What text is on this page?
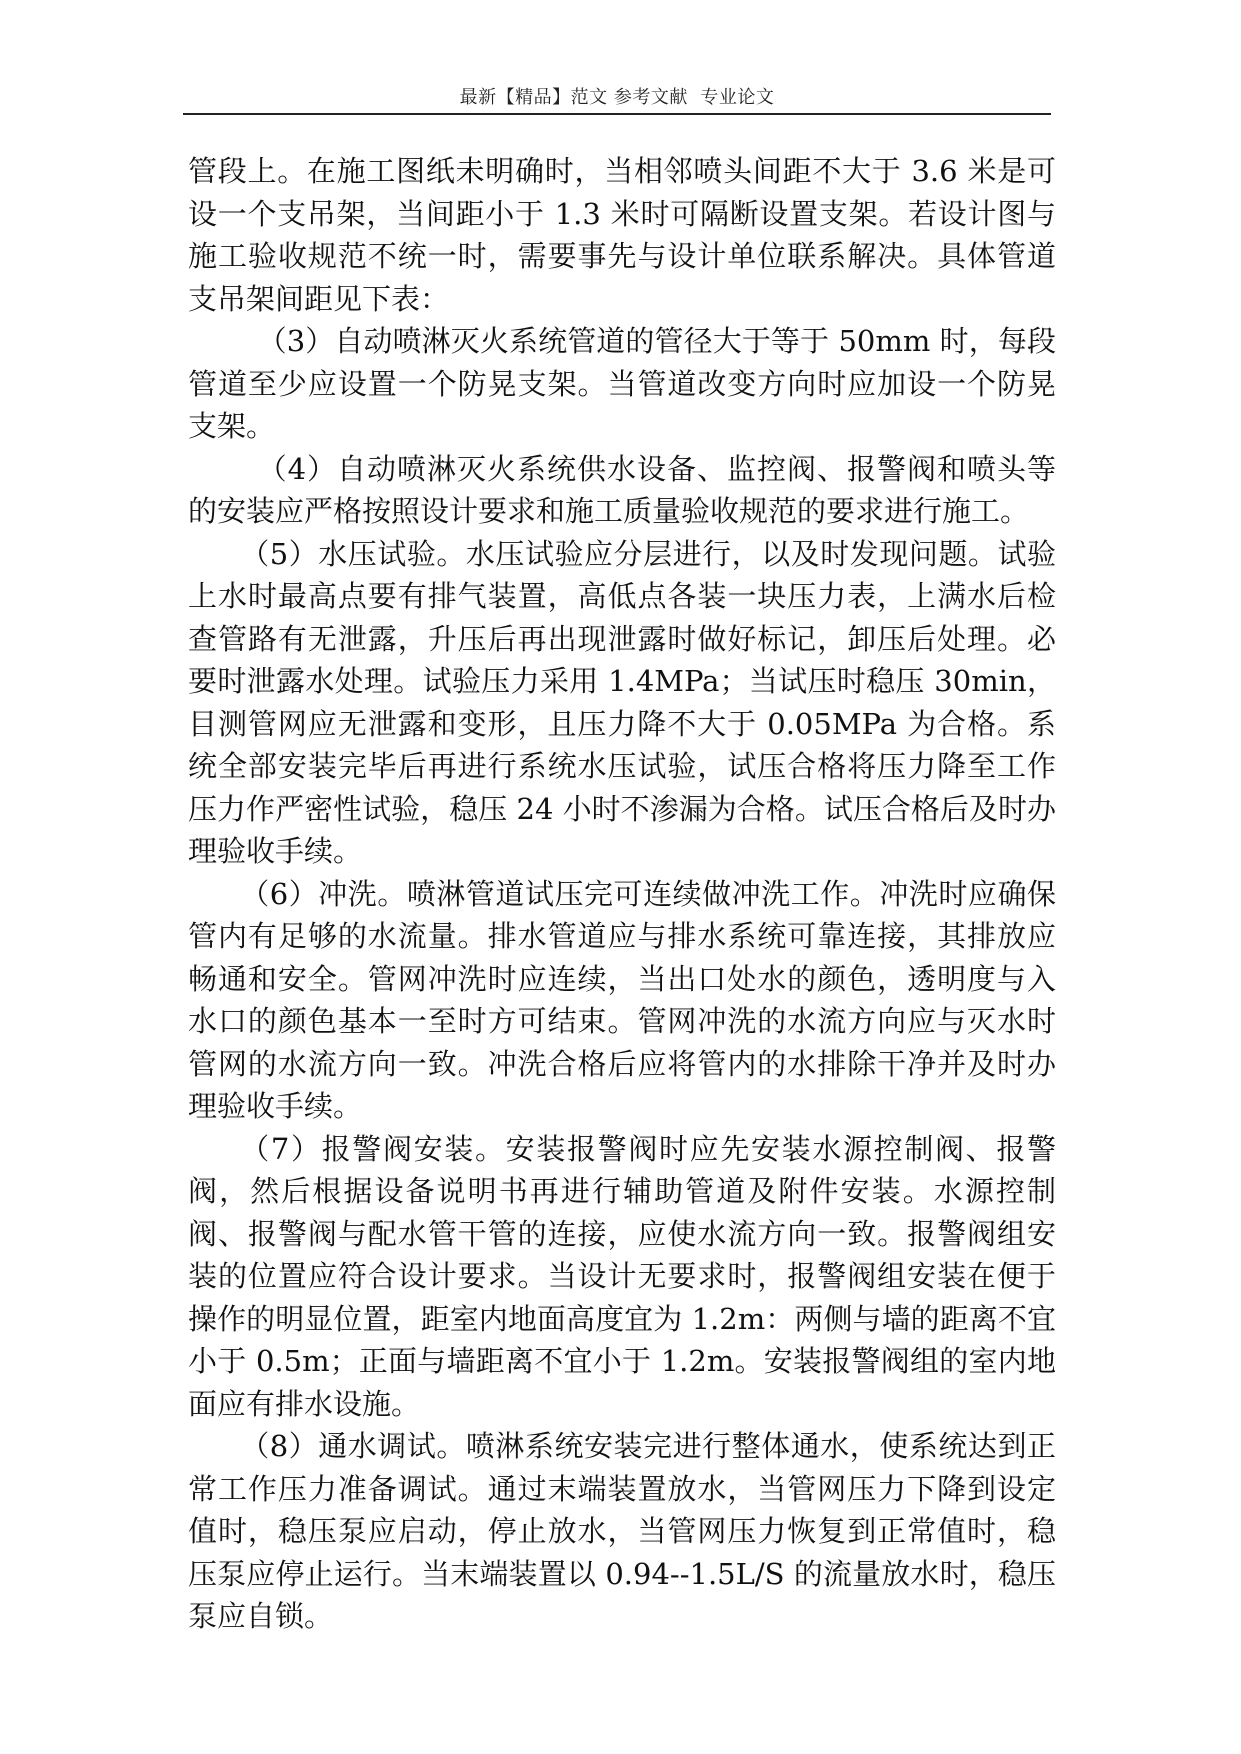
最新【精品】范文 参考文献  专业论文

管段上。在施工图纸未明确时，当相邻喷头间距不大于 3.6 米是可设一个支吊架，当间距小于 1.3 米时可隔断设置支架。若设计图与施工验收规范不统一时，需要事先与设计单位联系解决。具体管道支吊架间距见下表：

（3）自动喷淋灭火系统管道的管径大于等于 50mm 时，每段管道至少应设置一个防晃支架。当管道改变方向时应加设一个防晃支架。

（4）自动喷淋灭火系统供水设备、监控阀、报警阀和喷头等的安装应严格按照设计要求和施工质量验收规范的要求进行施工。

（5）水压试验。水压试验应分层进行，以及时发现问题。试验上水时最高点要有排气装置，高低点各装一块压力表，上满水后检查管路有无泄露，升压后再出现泄露时做好标记，卸压后处理。必要时泄露水处理。试验压力采用 1.4MPa；当试压时稳压 30min，目测管网应无泄露和变形，且压力降不大于 0.05MPa 为合格。系统全部安装完毕后再进行系统水压试验，试压合格将压力降至工作压力作严密性试验，稳压 24 小时不渗漏为合格。试压合格后及时办理验收手续。

（6）冲洗。喷淋管道试压完可连续做冲洗工作。冲洗时应确保管内有足够的水流量。排水管道应与排水系统可靠连接，其排放应畅通和安全。管网冲洗时应连续，当出口处水的颜色，透明度与入水口的颜色基本一至时方可结束。管网冲洗的水流方向应与灭水时管网的水流方向一致。冲洗合格后应将管内的水排除干净并及时办理验收手续。

（7）报警阀安装。安装报警阀时应先安装水源控制阀、报警阀，然后根据设备说明书再进行辅助管道及附件安装。水源控制阀、报警阀与配水管干管的连接，应使水流方向一致。报警阀组安装的位置应符合设计要求。当设计无要求时，报警阀组安装在便于操作的明显位置，距室内地面高度宜为 1.2m：两侧与墙的距离不宜小于 0.5m；正面与墙距离不宜小于 1.2m。安装报警阀组的室内地面应有排水设施。

（8）通水调试。喷淋系统安装完进行整体通水，使系统达到正常工作压力准备调试。通过末端装置放水，当管网压力下降到设定值时，稳压泵应启动，停止放水，当管网压力恢复到正常值时，稳压泵应停止运行。当末端装置以 0.94--1.5L/S 的流量放水时，稳压泵应自锁。
